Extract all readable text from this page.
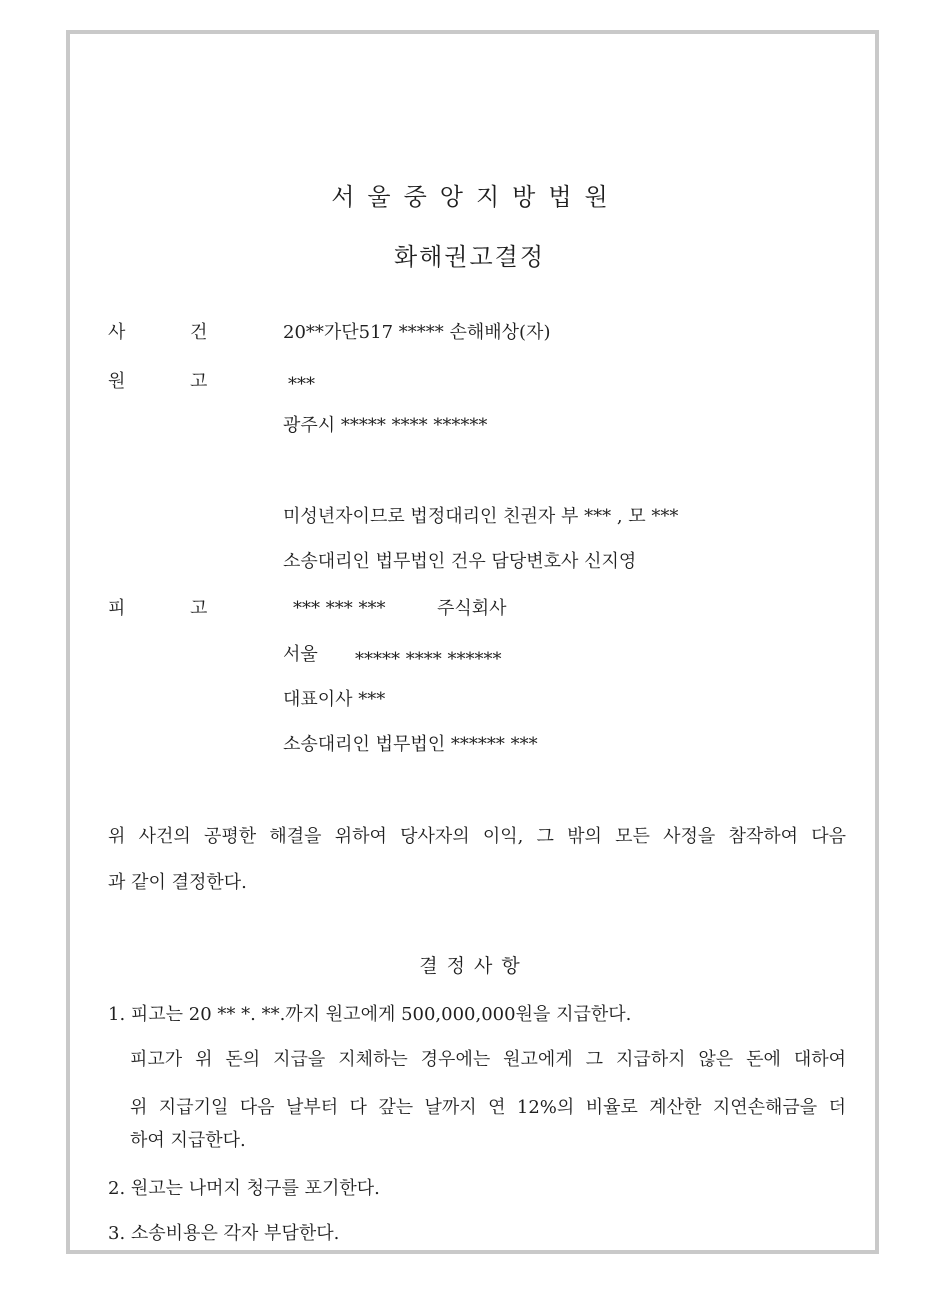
서울중앙지방법원
화해권고결정
사	건	20**가단517 ***** 손해배상(자)
원	고	***
광주시 ***** **** ******
미성년자이므로 법정대리인 친권자 부 *** , 모 ***
소송대리인 법무법인 건우 담당변호사 신지영
피	고	*** *** ***	주식회사
서울 ***** **** ******
대표이사 ***
소송대리인 법무법인 ****** ***
위 사건의 공평한 해결을 위하여 당사자의 이익, 그 밖의 모든 사정을 참작하여 다음
과 같이 결정한다.
결정사항
1. 피고는 20 ** *. **.까지 원고에게 500,000,000원을 지급한다.
피고가 위 돈의 지급을 지체하는 경우에는 원고에게 그 지급하지 않은 돈에 대하여
위 지급기일 다음 날부터 다 갚는 날까지 연 12%의 비율로 계산한 지연손해금을 더
하여 지급한다.
2. 원고는 나머지 청구를 포기한다.
3. 소송비용은 각자 부담한다.
